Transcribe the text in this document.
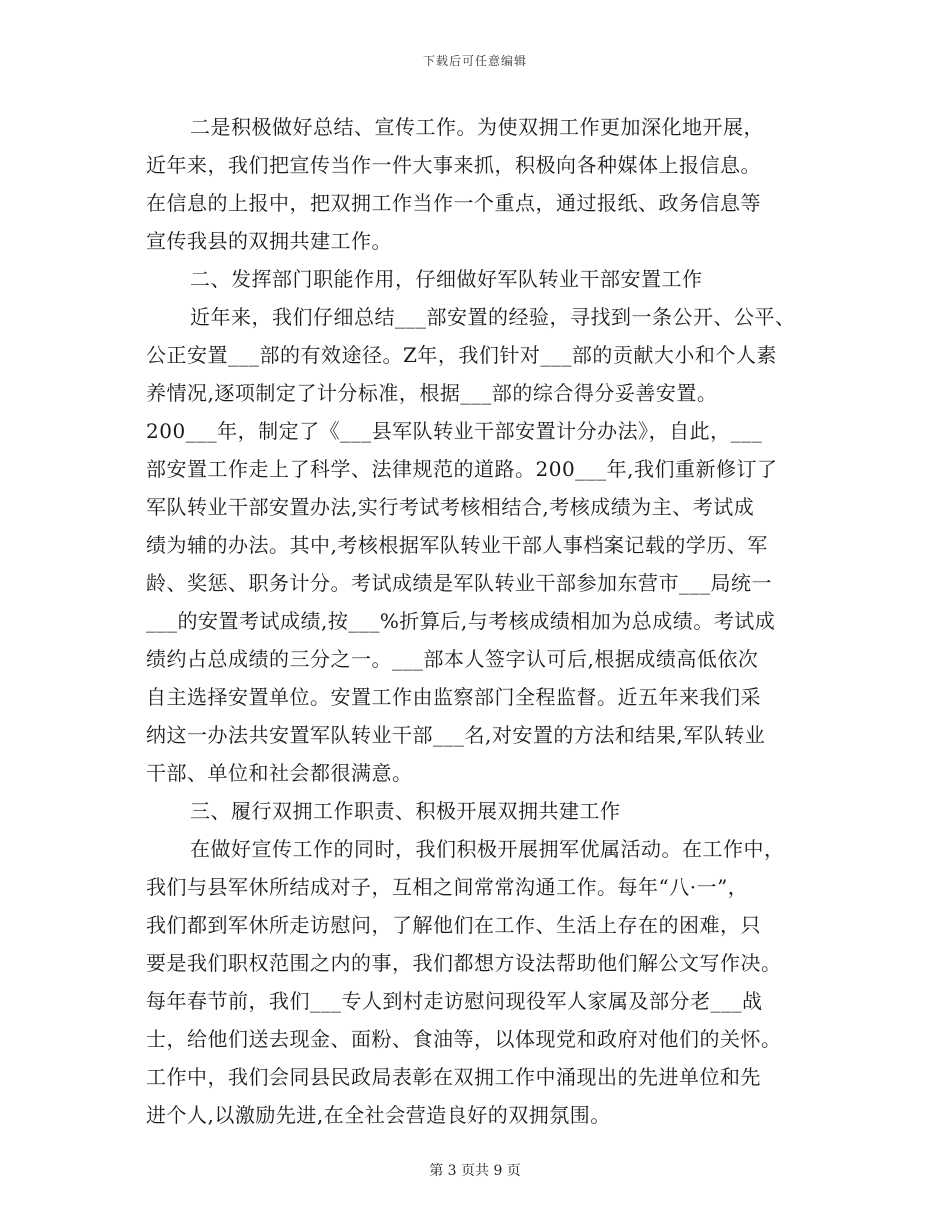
下载后可任意编辑
二是积极做好总结、宣传工作。为使双拥工作更加深化地开展，
近年来，我们把宣传当作一件大事来抓，积极向各种媒体上报信息。
在信息的上报中，把双拥工作当作一个重点，通过报纸、政务信息等
宣传我县的双拥共建工作。
二、发挥部门职能作用，仔细做好军队转业干部安置工作
近年来，我们仔细总结___部安置的经验，寻找到一条公开、公平、
公正安置___部的有效途径。Z年，我们针对___部的贡献大小和个人素
养情况,逐项制定了计分标准，根据___部的综合得分妥善安置。
200___年，制定了《___县军队转业干部安置计分办法》，自此，___
部安置工作走上了科学、法律规范的道路。200___年,我们重新修订了
军队转业干部安置办法,实行考试考核相结合,考核成绩为主、考试成
绩为辅的办法。其中,考核根据军队转业干部人事档案记载的学历、军
龄、奖惩、职务计分。考试成绩是军队转业干部参加东营市___局统一
___的安置考试成绩,按___%折算后,与考核成绩相加为总成绩。考试成
绩约占总成绩的三分之一。___部本人签字认可后,根据成绩高低依次
自主选择安置单位。安置工作由监察部门全程监督。近五年来我们采
纳这一办法共安置军队转业干部___名,对安置的方法和结果,军队转业
干部、单位和社会都很满意。
三、履行双拥工作职责、积极开展双拥共建工作
在做好宣传工作的同时，我们积极开展拥军优属活动。在工作中，
我们与县军休所结成对子，互相之间常常沟通工作。每年“八·一”，
我们都到军休所走访慰问，了解他们在工作、生活上存在的困难，只
要是我们职权范围之内的事，我们都想方设法帮助他们解公文写作决。
每年春节前，我们___专人到村走访慰问现役军人家属及部分老___战
士，给他们送去现金、面粉、食油等，以体现党和政府对他们的关怀。
工作中，我们会同县民政局表彰在双拥工作中涌现出的先进单位和先
进个人,以激励先进,在全社会营造良好的双拥氛围。
第 3 页共 9 页
